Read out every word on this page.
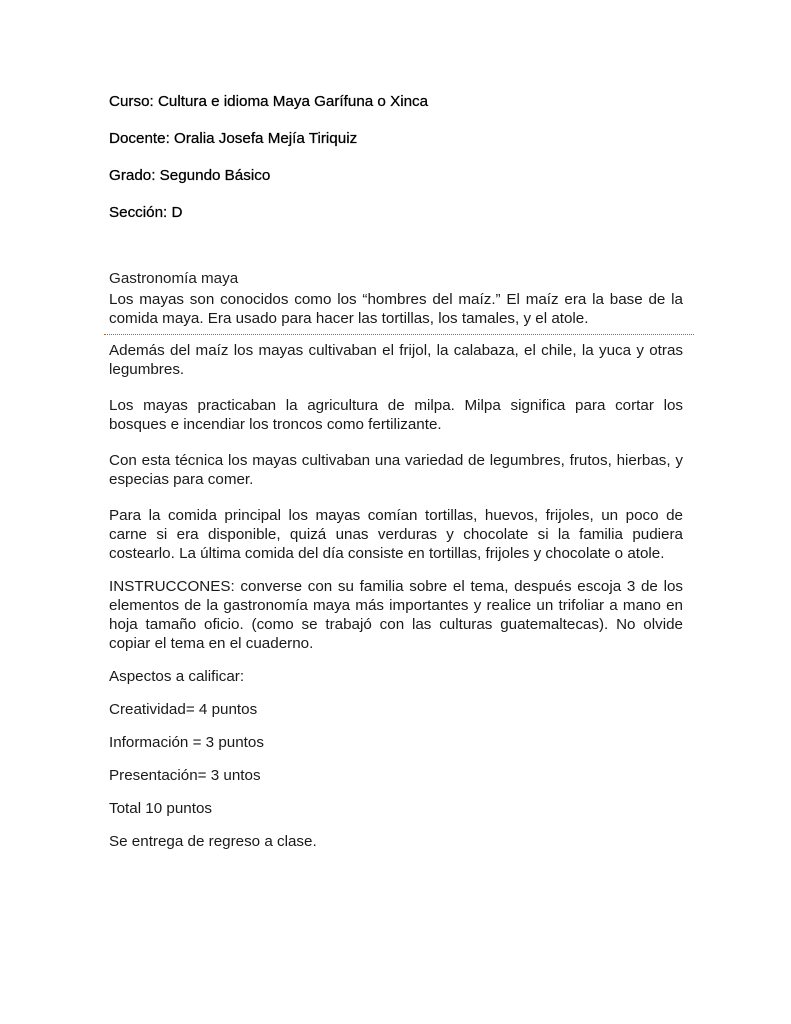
Curso: Cultura e idioma Maya Garífuna o Xinca

Docente: Oralia Josefa Mejía Tiriquiz

Grado: Segundo Básico

Sección: D

Gastronomía maya

Los mayas son conocidos como los “hombres del maíz.” El maíz era la base de la comida maya. Era usado para hacer las tortillas, los tamales, y el atole.

Además del maíz los mayas cultivaban el frijol, la calabaza, el chile, la yuca y otras legumbres.

Los mayas practicaban la agricultura de milpa. Milpa significa para cortar los bosques e incendiar los troncos como fertilizante.

Con esta técnica los mayas cultivaban una variedad de legumbres, frutos, hierbas, y especias para comer.

Para la comida principal los mayas comían tortillas, huevos, frijoles, un poco de carne si era disponible, quizá unas verduras y chocolate si la familia pudiera costearlo. La última comida del día consiste en tortillas, frijoles y chocolate o atole.

INSTRUCCONES: converse con su familia sobre el tema, después escoja 3 de los elementos de la gastronomía maya más importantes y realice un trifoliar a mano en hoja tamaño oficio. (como se trabajó con las culturas guatemaltecas). No olvide copiar el tema en el cuaderno.

Aspectos a calificar:

Creatividad= 4 puntos

Información = 3 puntos

Presentación= 3 untos

Total 10 puntos

Se entrega de regreso a clase.
